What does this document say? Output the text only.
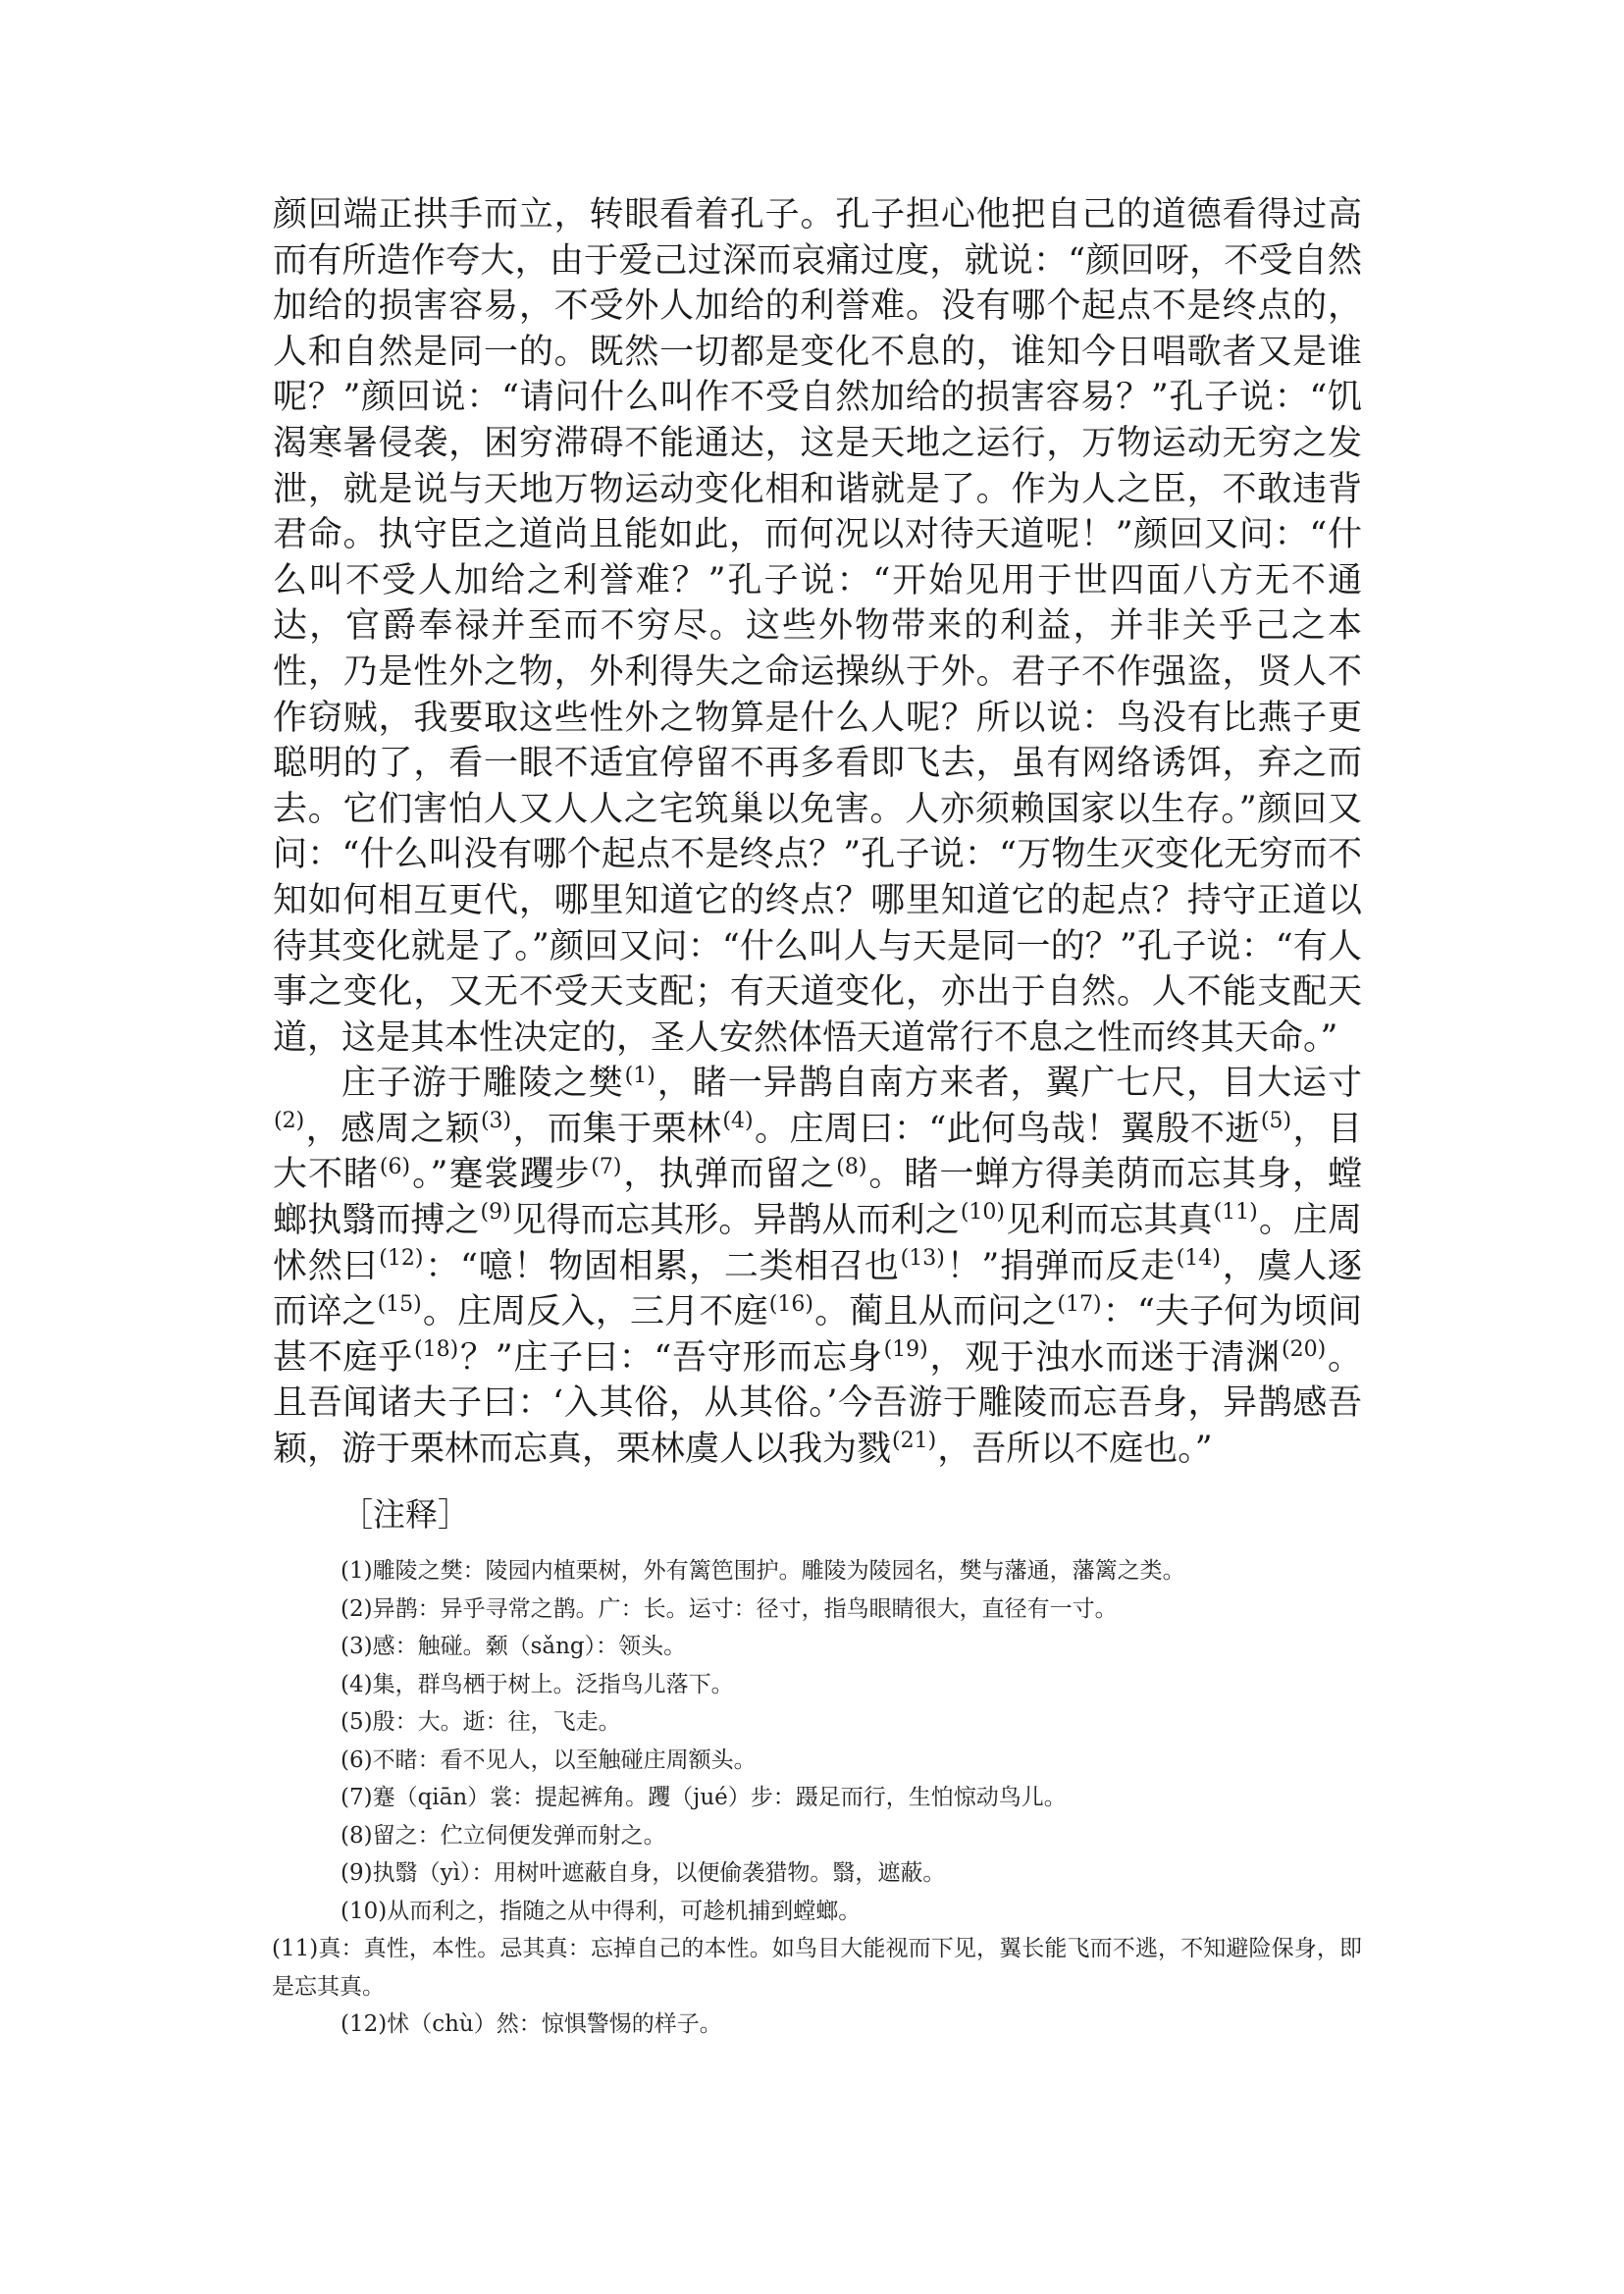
颜回端正拱手而立，转眼看着孔子。孔子担心他把自己的道德看得过高而有所造作夸大，由于爱己过深而哀痛过度，就说：“颜回呀，不受自然加给的损害容易，不受外人加给的利誉难。没有哪个起点不是终点的，人和自然是同一的。既然一切都是变化不息的，谁知今日唱歌者又是谁呢？”颜回说：“请问什么叫作不受自然加给的损害容易？”孔子说：“饥渴寒暑侵袭，困穷滞碍不能通达，这是天地之运行，万物运动无穷之发泄，就是说与天地万物运动变化相和谐就是了。作为人之臣，不敢违背君命。执守臣之道尚且能如此，而何况以对待天道呢！”颜回又问：“什么叫不受人加给之利誉难？”孔子说：“开始见用于世四面八方无不通达，官爵奉禄并至而不穷尽。这些外物带来的利益，并非关乎己之本性，乃是性外之物，外利得失之命运操纵于外。君子不作强盗，贤人不作窃贼，我要取这些性外之物算是什么人呢？所以说：鸟没有比燕子更聪明的了，看一眼不适宜停留不再多看即飞去，虽有网络诱饵，弃之而去。它们害怕人又人人之宅筑巢以免害。人亦须赖国家以生存。”颜回又问：“什么叫没有哪个起点不是终点？”孔子说：“万物生灭变化无穷而不知如何相互更代，哪里知道它的终点？哪里知道它的起点？持守正道以待其变化就是了。”颜回又问：“什么叫人与天是同一的？”孔子说：“有人事之变化，又无不受天支配；有天道变化，亦出于自然。人不能支配天道，这是其本性决定的，圣人安然体悟天道常行不息之性而终其天命。”

庄子游于雕陵之樊$^{(1)}$，睹一异鹊自南方来者，翼广七尺，目大运寸$^{(2)}$，感周之颖$^{(3)}$，而集于栗林$^{(4)}$。庄周曰：“此何鸟哉！翼殷不逝$^{(5)}$，目大不睹$^{(6)}$。”蹇裳躩步$^{(7)}$，执弹而留之$^{(8)}$。睹一蝉方得美荫而忘其身，螳螂执翳而搏之$^{(9)}$见得而忘其形。异鹊从而利之$^{(10)}$见利而忘其真$^{(11)}$。庄周怵然曰$^{(12)}$：“噫！物固相累，二类相召也$^{(13)}$！”捐弹而反走$^{(14)}$，虞人逐而谇之$^{(15)}$。庄周反入，三月不庭$^{(16)}$。蔺且从而问之$^{(17)}$：“夫子何为顷间甚不庭乎$^{(18)}$？”庄子曰：“吾守形而忘身$^{(19)}$，观于浊水而迷于清渊$^{(20)}$。且吾闻诸夫子曰：‘入其俗，从其俗。’今吾游于雕陵而忘吾身，异鹊感吾颖，游于栗林而忘真，栗林虞人以我为戮$^{(21)}$，吾所以不庭也。”

［注释］

(1)雕陵之樊：陵园内植栗树，外有篱笆围护。雕陵为陵园名，樊与藩通，藩篱之类。

(2)异鹊：异乎寻常之鹊。广：长。运寸：径寸，指鸟眼睛很大，直径有一寸。

(3)感：触碰。颡（sǎng）：领头。

(4)集，群鸟栖于树上。泛指鸟儿落下。

(5)殷：大。逝：往，飞走。

(6)不睹：看不见人，以至触碰庄周额头。

(7)蹇（qiān）裳：提起裤角。躩（jué）步：蹑足而行，生怕惊动鸟儿。

(8)留之：伫立伺便发弹而射之。

(9)执翳（yì）：用树叶遮蔽自身，以便偷袭猎物。翳，遮蔽。

(10)从而利之，指随之从中得利，可趁机捕到螳螂。

(11)真：真性，本性。忌其真：忘掉自己的本性。如鸟目大能视而下见，翼长能飞而不逃，不知避险保身，即是忘其真。

(12)怵（chù）然：惊惧警惕的样子。
